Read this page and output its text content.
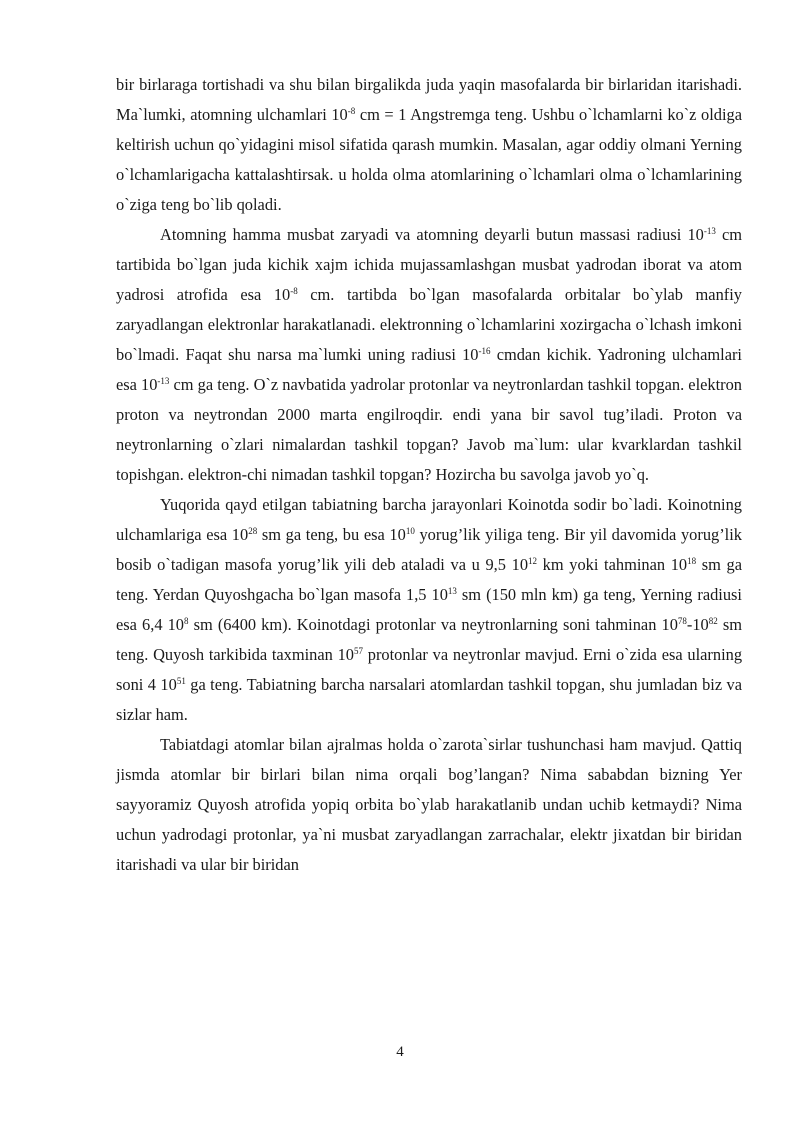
bir birlaraga tortishadi va shu bilan birgalikda juda yaqin masofalarda bir birlaridan itarishadi. Ma`lumki, atomning ulchamlari $10^{-8}$ cm = 1 Angstremga teng. Ushbu o`lchamlarni ko`z oldiga keltirish uchun qo`yidagini misol sifatida qarash mumkin. Masalan, agar oddiy olmani Yerning o`lchamlarigacha kattalashtirsak. u holda olma atomlarining o`lchamlari olma o`lchamlarining o`ziga teng bo`lib qoladi.

Atomning hamma musbat zaryadi va atomning deyarli butun massasi radiusi $10^{-13}$ cm tartibida bo`lgan juda kichik xajm ichida mujassamlashgan musbat yadrodan iborat va atom yadrosi atrofida esa $10^{-8}$ cm. tartibda bo`lgan masofalarda orbitalar bo`ylab manfiy zaryadlangan elektronlar harakatlanadi. elektronning o`lchamlarini xozirgacha o`lchash imkoni bo`lmadi. Faqat shu narsa ma`lumki uning radiusi $10^{-16}$ cmdan kichik. Yadroning ulchamlari esa $10^{-13}$ cm ga teng. O`z navbatida yadrolar protonlar va neytronlardan tashkil topgan. elektron proton va neytrondan 2000 marta engilroqdir. endi yana bir savol tug’iladi. Proton va neytronlarning o`zlari nimalardan tashkil topgan? Javob ma`lum: ular kvarklardan tashkil topishgan. elektron-chi nimadan tashkil topgan? Hozircha bu savolga javob yo`q.

Yuqorida qayd etilgan tabiatning barcha jarayonlari Koinotda sodir bo`ladi. Koinotning ulchamlariga esa $10^{28}$ sm ga teng, bu esa $10^{10}$ yorug’lik yiliga teng. Bir yil davomida yorug’lik bosib o`tadigan masofa yorug’lik yili deb ataladi va u 9,5 $10^{12}$ km yoki tahminan $10^{18}$ sm ga teng. Yerdan Quyoshgacha bo`lgan masofa 1,5 $10^{13}$ sm (150 mln km) ga teng, Yerning radiusi esa 6,4 $10^8$ sm (6400 km). Koinotdagi protonlar va neytronlarning soni tahminan $10^{78}-10^{82}$ sm teng. Quyosh tarkibida taxminan $10^{57}$ protonlar va neytronlar mavjud. Erni o`zida esa ularning soni 4 $10^{51}$ ga teng. Tabiatning barcha narsalari atomlardan tashkil topgan, shu jumladan biz va sizlar ham.

Tabiatdagi atomlar bilan ajralmas holda o`zarota`sirlar tushunchasi ham mavjud. Qattiq jismda atomlar bir birlari bilan nima orqali bog’langan? Nima sababdan bizning Yer sayyoramiz Quyosh atrofida yopiq orbita bo`ylab harakatlanib undan uchib ketmaydi? Nima uchun yadrodagi protonlar, ya`ni musbat zaryadlangan zarrachalar, elektr jixatdan bir biridan itarishadi va ular bir biridan

4
